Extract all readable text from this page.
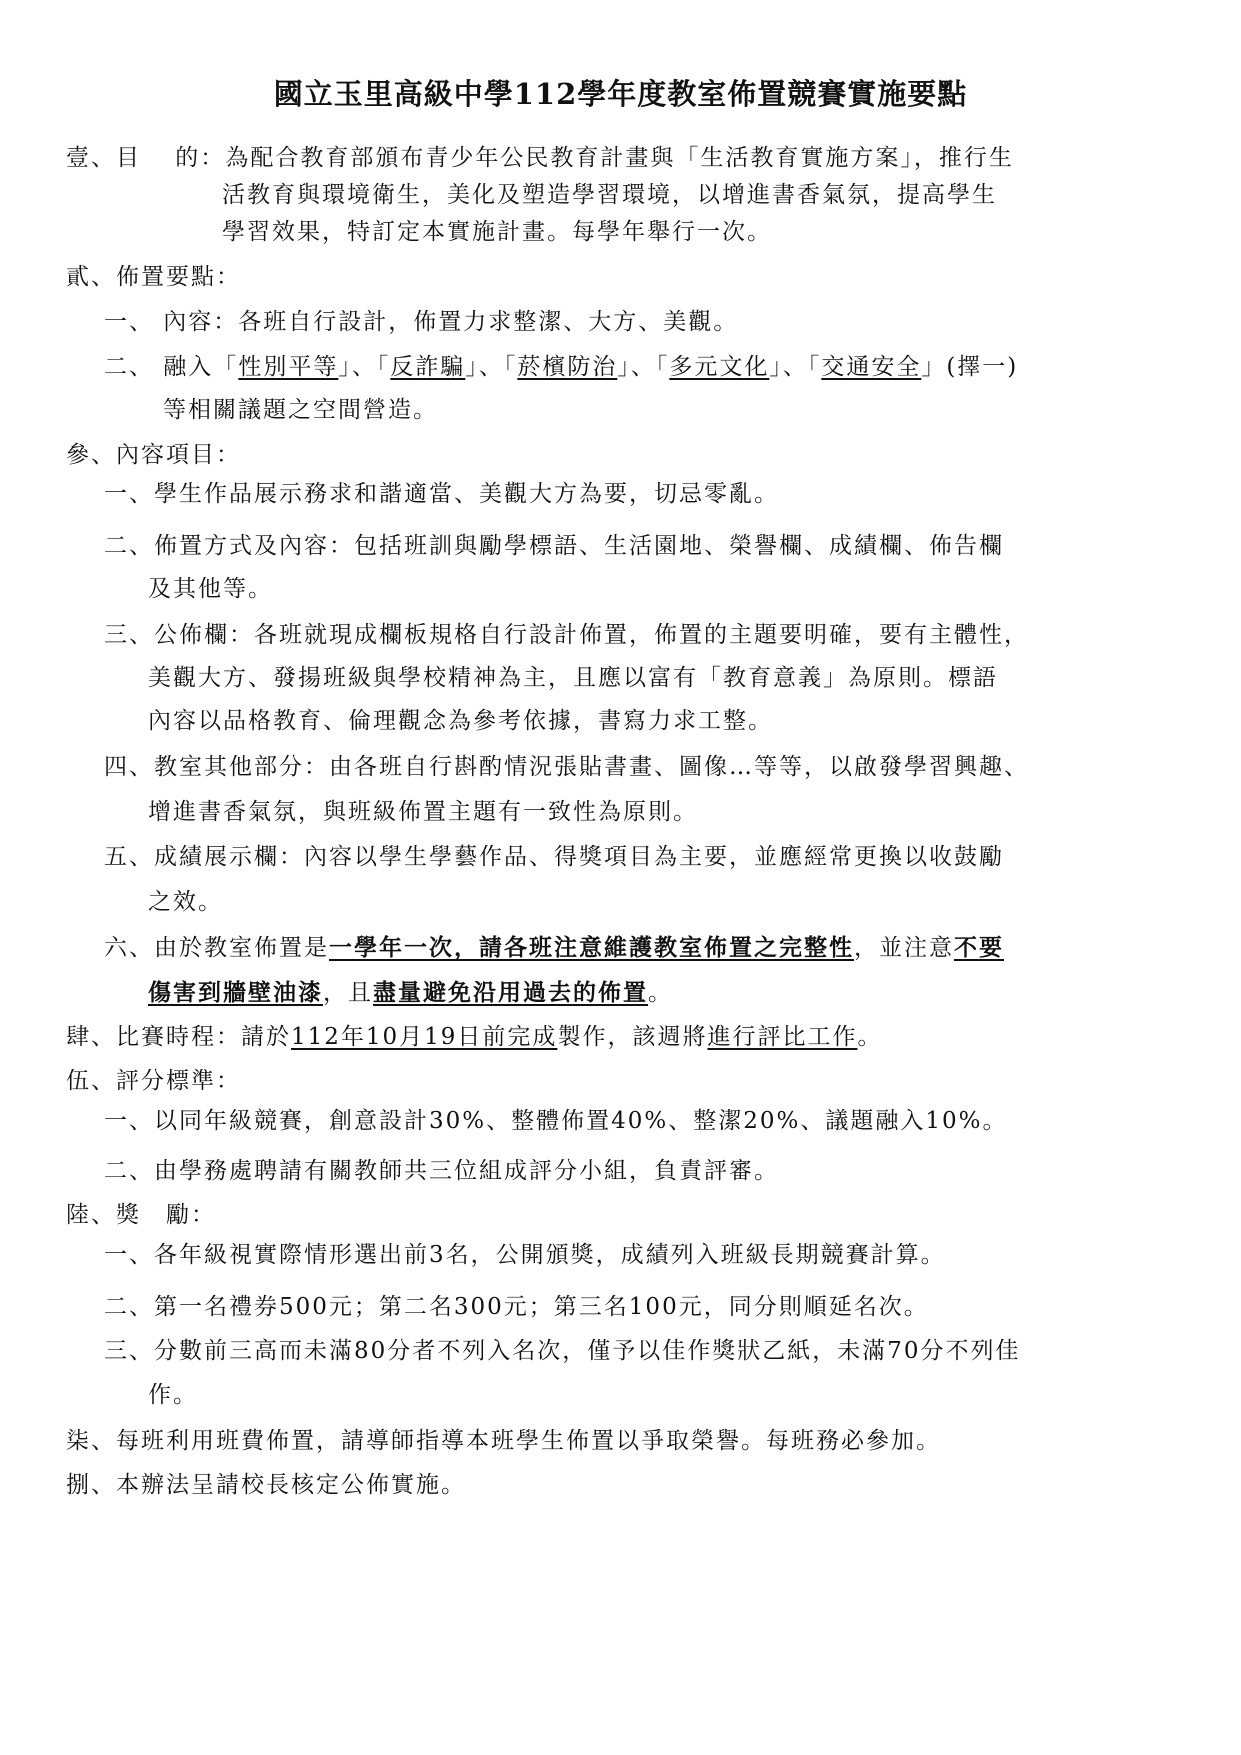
國立玉里高級中學112學年度教室佈置競賽實施要點
壹、目　 的：為配合教育部頒布青少年公民教育計畫與「生活教育實施方案」，推行生
活教育與環境衛生，美化及塑造學習環境，以增進書香氣氛，提高學生
學習效果，特訂定本實施計畫。每學年舉行一次。
貳、佈置要點：
一、 內容：各班自行設計，佈置力求整潔、大方、美觀。
二、 融入「性別平等」、「反詐騙」、「菸檳防治」、「多元文化」、「交通安全」(擇一)
等相關議題之空間營造。
參、內容項目：
一、學生作品展示務求和諧適當、美觀大方為要，切忌零亂。
二、佈置方式及內容：包括班訓與勵學標語、生活園地、榮譽欄、成績欄、佈告欄
及其他等。
三、公佈欄：各班就現成欄板規格自行設計佈置，佈置的主題要明確，要有主體性，
美觀大方、發揚班級與學校精神為主，且應以富有「教育意義」為原則。標語
內容以品格教育、倫理觀念為參考依據，書寫力求工整。
四、教室其他部分：由各班自行斟酌情況張貼書畫、圖像…等等，以啟發學習興趣、
增進書香氣氛，與班級佈置主題有一致性為原則。
五、成績展示欄：內容以學生學藝作品、得獎項目為主要，並應經常更換以收鼓勵
之效。
六、由於教室佈置是一學年一次，請各班注意維護教室佈置之完整性，並注意不要
傷害到牆壁油漆，且盡量避免沿用過去的佈置。
肆、比賽時程：請於112年10月19日前完成製作，該週將進行評比工作。
伍、評分標準：
一、以同年級競賽，創意設計30%、整體佈置40%、整潔20%、議題融入10%。
二、由學務處聘請有關教師共三位組成評分小組，負責評審。
陸、獎　勵：
一、各年級視實際情形選出前3名，公開頒獎，成績列入班級長期競賽計算。
二、第一名禮券500元；第二名300元；第三名100元，同分則順延名次。
三、分數前三高而未滿80分者不列入名次，僅予以佳作獎狀乙紙，未滿70分不列佳
作。
柒、每班利用班費佈置，請導師指導本班學生佈置以爭取榮譽。每班務必參加。
捌、本辦法呈請校長核定公佈實施。
